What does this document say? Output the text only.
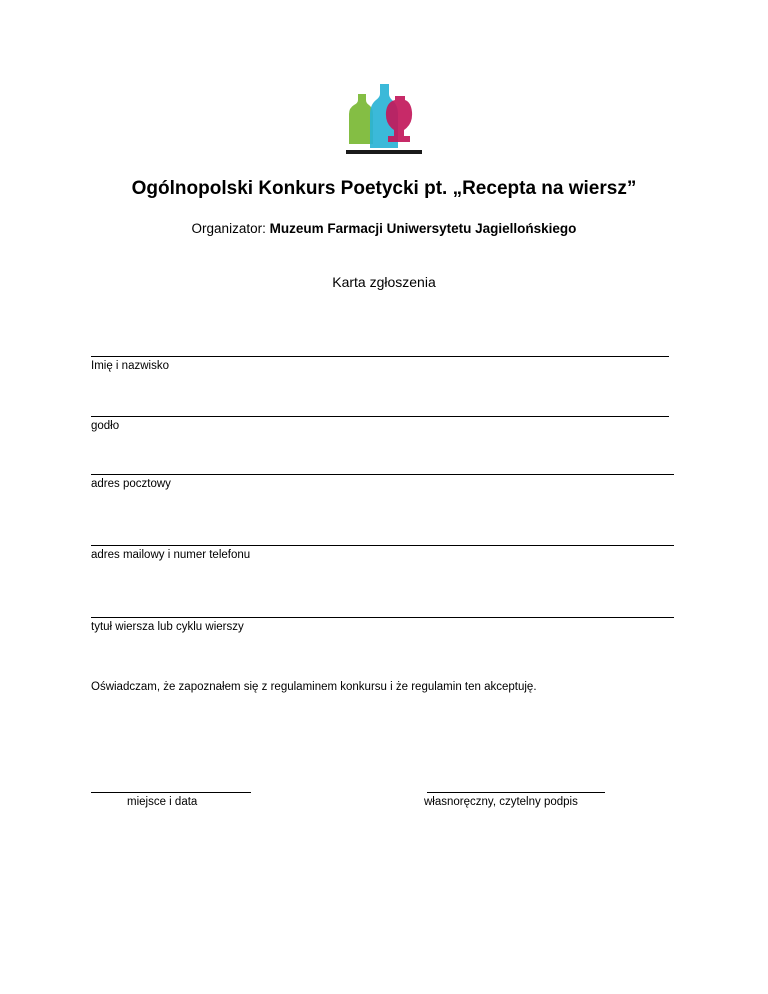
Ogólnopolski Konkurs Poetycki pt. „Recepta na wiersz”
Organizator: Muzeum Farmacji Uniwersytetu Jagiellońskiego
Karta zgłoszenia
Imię i nazwisko
godło
adres pocztowy
adres mailowy i numer telefonu
tytuł wiersza lub cyklu wierszy
Oświadczam, że zapoznałem się z regulaminem konkursu i że regulamin ten akceptuję.
miejsce i data	własnoręczny, czytelny podpis
